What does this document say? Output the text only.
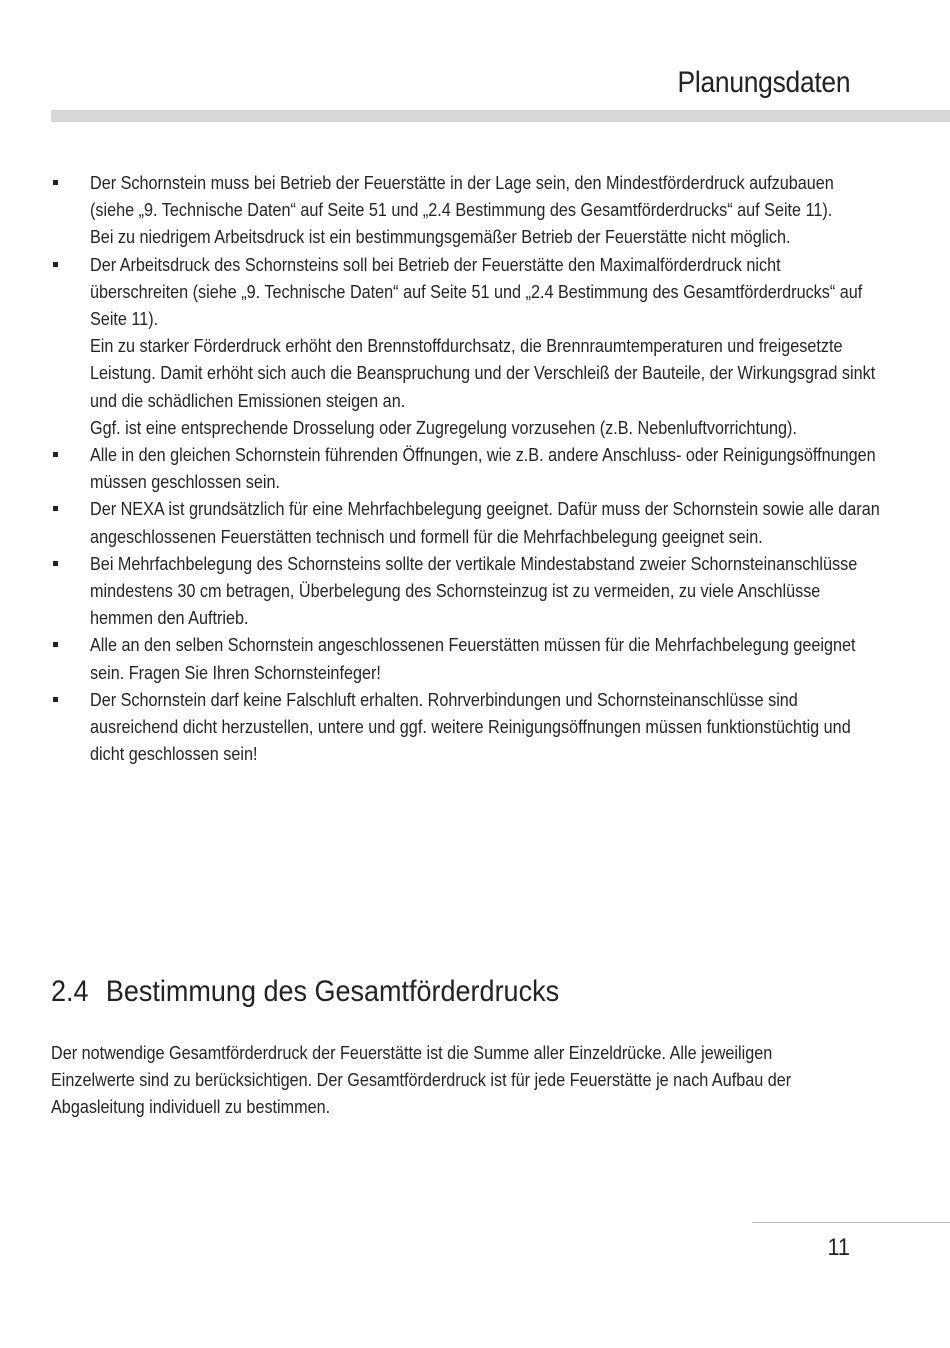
Planungsdaten
Der Schornstein muss bei Betrieb der Feuerstätte in der Lage sein, den Mindestförderdruck aufzubauen (siehe „9. Technische Daten“ auf Seite 51 und „2.4 Bestimmung des Gesamtförderdrucks“ auf Seite 11).
Bei zu niedrigem Arbeitsdruck ist ein bestimmungsgemäßer Betrieb der Feuerstätte nicht möglich.
Der Arbeitsdruck des Schornsteins soll bei Betrieb der Feuerstätte den Maximalförderdruck nicht überschreiten (siehe „9. Technische Daten“ auf Seite 51 und „2.4 Bestimmung des Gesamtförderdrucks“ auf Seite 11).
Ein zu starker Förderdruck erhöht den Brennstoffdurchsatz, die Brennraumtemperaturen und freigesetzte Leistung. Damit erhöht sich auch die Beanspruchung und der Verschleiß der Bauteile, der Wirkungsgrad sinkt und die schädlichen Emissionen steigen an.
Ggf. ist eine entsprechende Drosselung oder Zugregelung vorzusehen (z.B. Nebenluftvorrichtung).
Alle in den gleichen Schornstein führenden Öffnungen, wie z.B. andere Anschluss- oder Reinigungsöffnungen müssen geschlossen sein.
Der NEXA ist grundsätzlich für eine Mehrfachbelegung geeignet. Dafür muss der Schornstein sowie alle daran angeschlossenen Feuerstätten technisch und formell für die Mehrfachbelegung geeignet sein.
Bei Mehrfachbelegung des Schornsteins sollte der vertikale Mindestabstand zweier Schornsteinanschlüsse mindestens 30 cm betragen, Überbelegung des Schornsteinzug ist zu vermeiden, zu viele Anschlüsse hemmen den Auftrieb.
Alle an den selben Schornstein angeschlossenen Feuerstätten müssen für die Mehrfachbelegung geeignet sein. Fragen Sie Ihren Schornsteinfeger!
Der Schornstein darf keine Falschluft erhalten. Rohrverbindungen und Schornsteinanschlüsse sind ausreichend dicht herzustellen, untere und ggf. weitere Reinigungsöffnungen müssen funktionstüchtig und dicht geschlossen sein!
2.4 Bestimmung des Gesamtförderdrucks

Der notwendige Gesamtförderdruck der Feuerstätte ist die Summe aller Einzeldrücke. Alle jeweiligen Einzelwerte sind zu berücksichtigen. Der Gesamtförderdruck ist für jede Feuerstätte je nach Aufbau der Abgasleitung individuell zu bestimmen.

11
